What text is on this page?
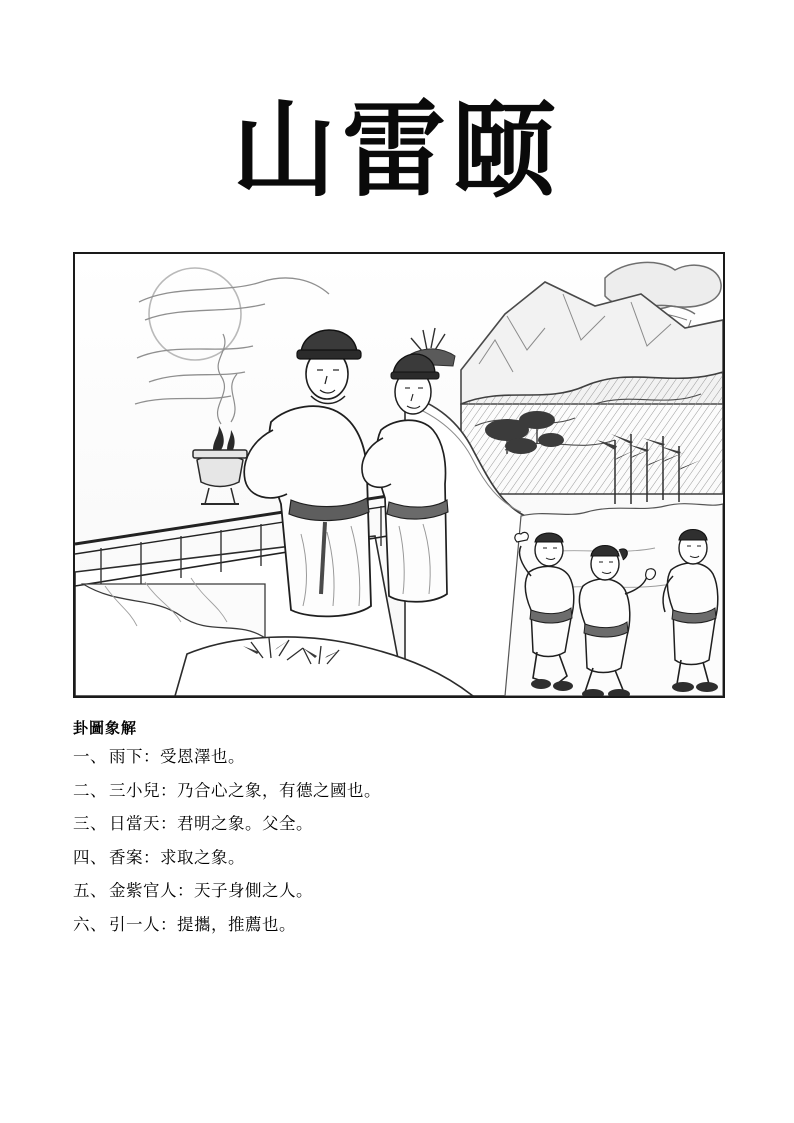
山雷颐
卦圖象解
一、 雨下：受恩澤也。
二、 三小兒：乃合心之象，有德之國也。
三、 日當天：君明之象。父全。
四、 香案：求取之象。
五、 金紫官人：天子身側之人。
六、 引一人：提攜，推薦也。
